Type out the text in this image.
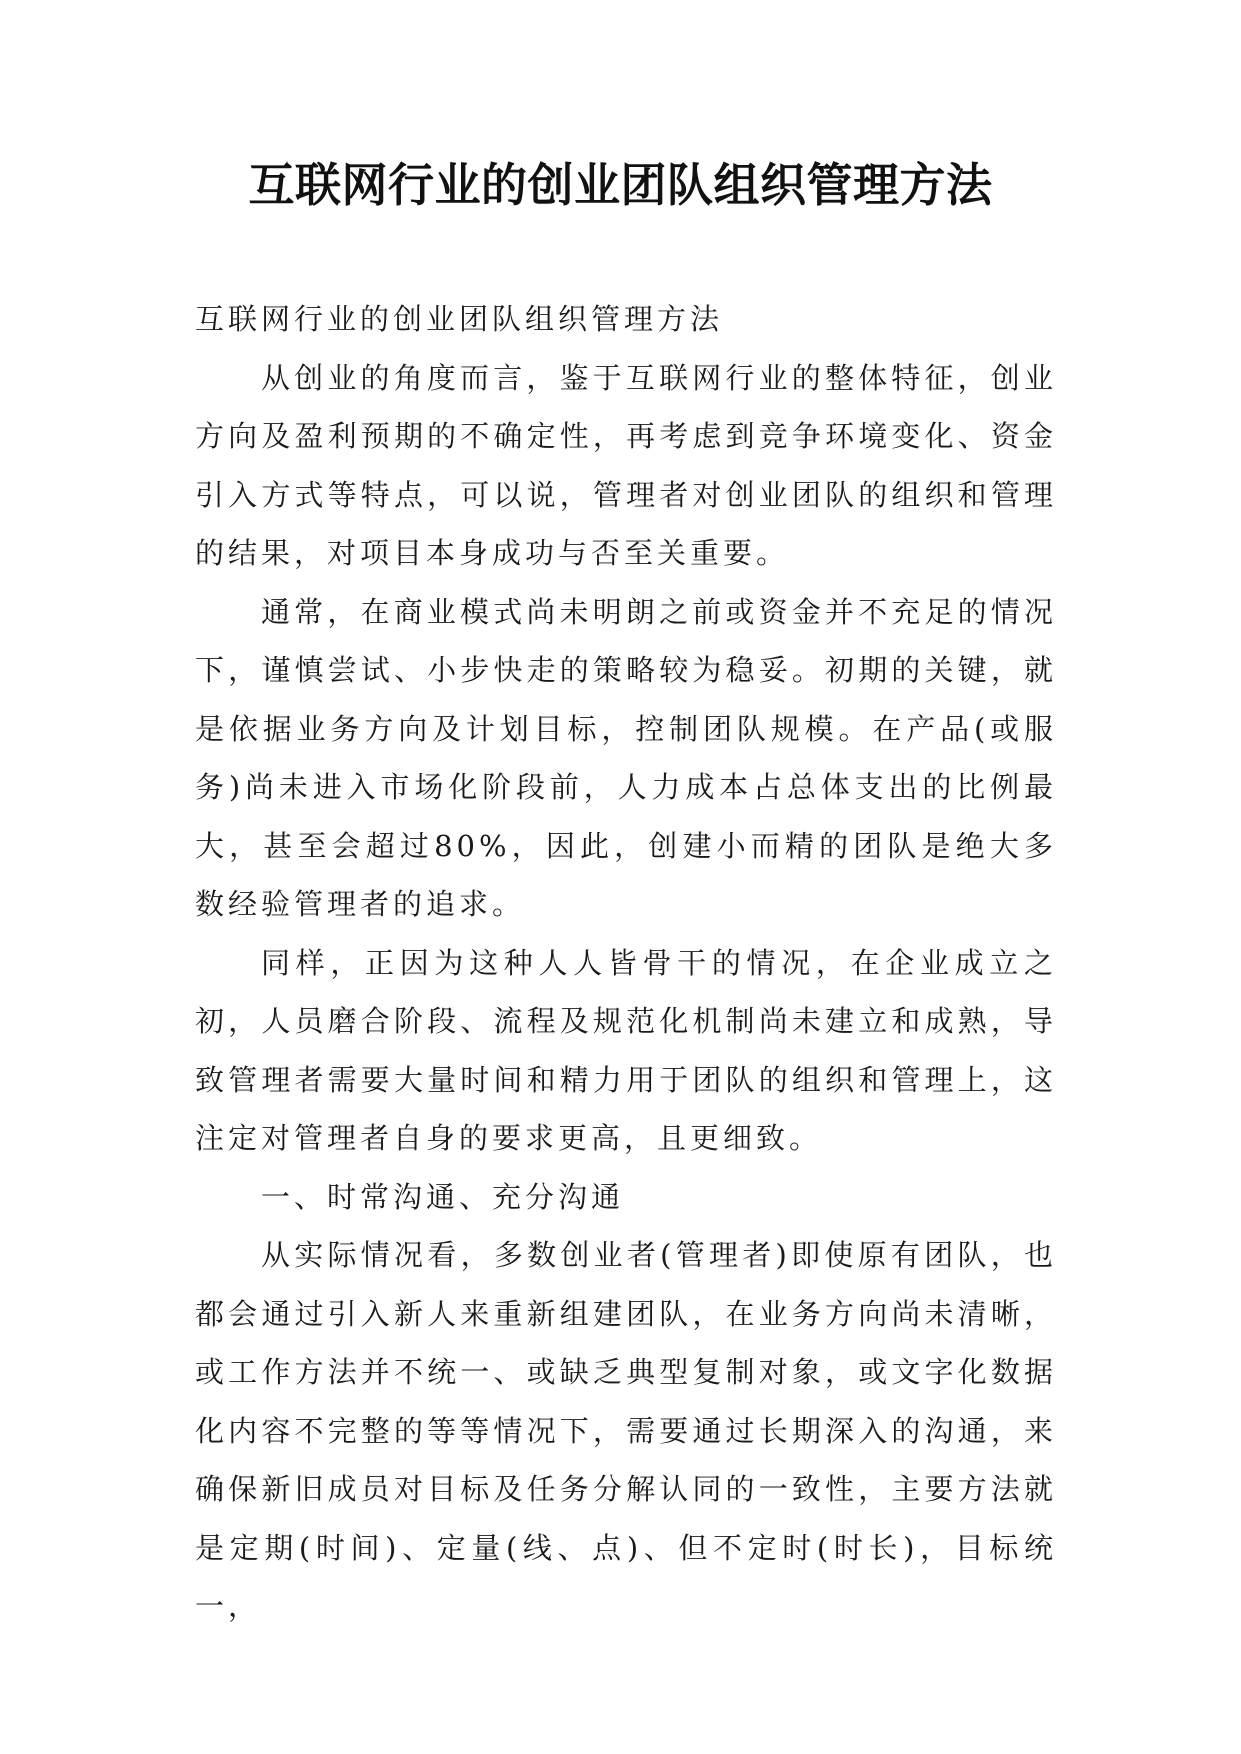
互联网行业的创业团队组织管理方法

互联网行业的创业团队组织管理方法

从创业的角度而言，鉴于互联网行业的整体特征，创业方向及盈利预期的不确定性，再考虑到竞争环境变化、资金引入方式等特点，可以说，管理者对创业团队的组织和管理的结果，对项目本身成功与否至关重要。

通常，在商业模式尚未明朗之前或资金并不充足的情况下，谨慎尝试、小步快走的策略较为稳妥。初期的关键，就是依据业务方向及计划目标，控制团队规模。在产品(或服务)尚未进入市场化阶段前，人力成本占总体支出的比例最大，甚至会超过80%，因此，创建小而精的团队是绝大多数经验管理者的追求。

同样，正因为这种人人皆骨干的情况，在企业成立之初，人员磨合阶段、流程及规范化机制尚未建立和成熟，导致管理者需要大量时间和精力用于团队的组织和管理上，这注定对管理者自身的要求更高，且更细致。

一、时常沟通、充分沟通

从实际情况看，多数创业者(管理者)即使原有团队，也都会通过引入新人来重新组建团队，在业务方向尚未清晰，或工作方法并不统一、或缺乏典型复制对象，或文字化数据化内容不完整的等等情况下，需要通过长期深入的沟通，来确保新旧成员对目标及任务分解认同的一致性，主要方法就是定期(时间)、定量(线、点)、但不定时(时长)，目标统一，
